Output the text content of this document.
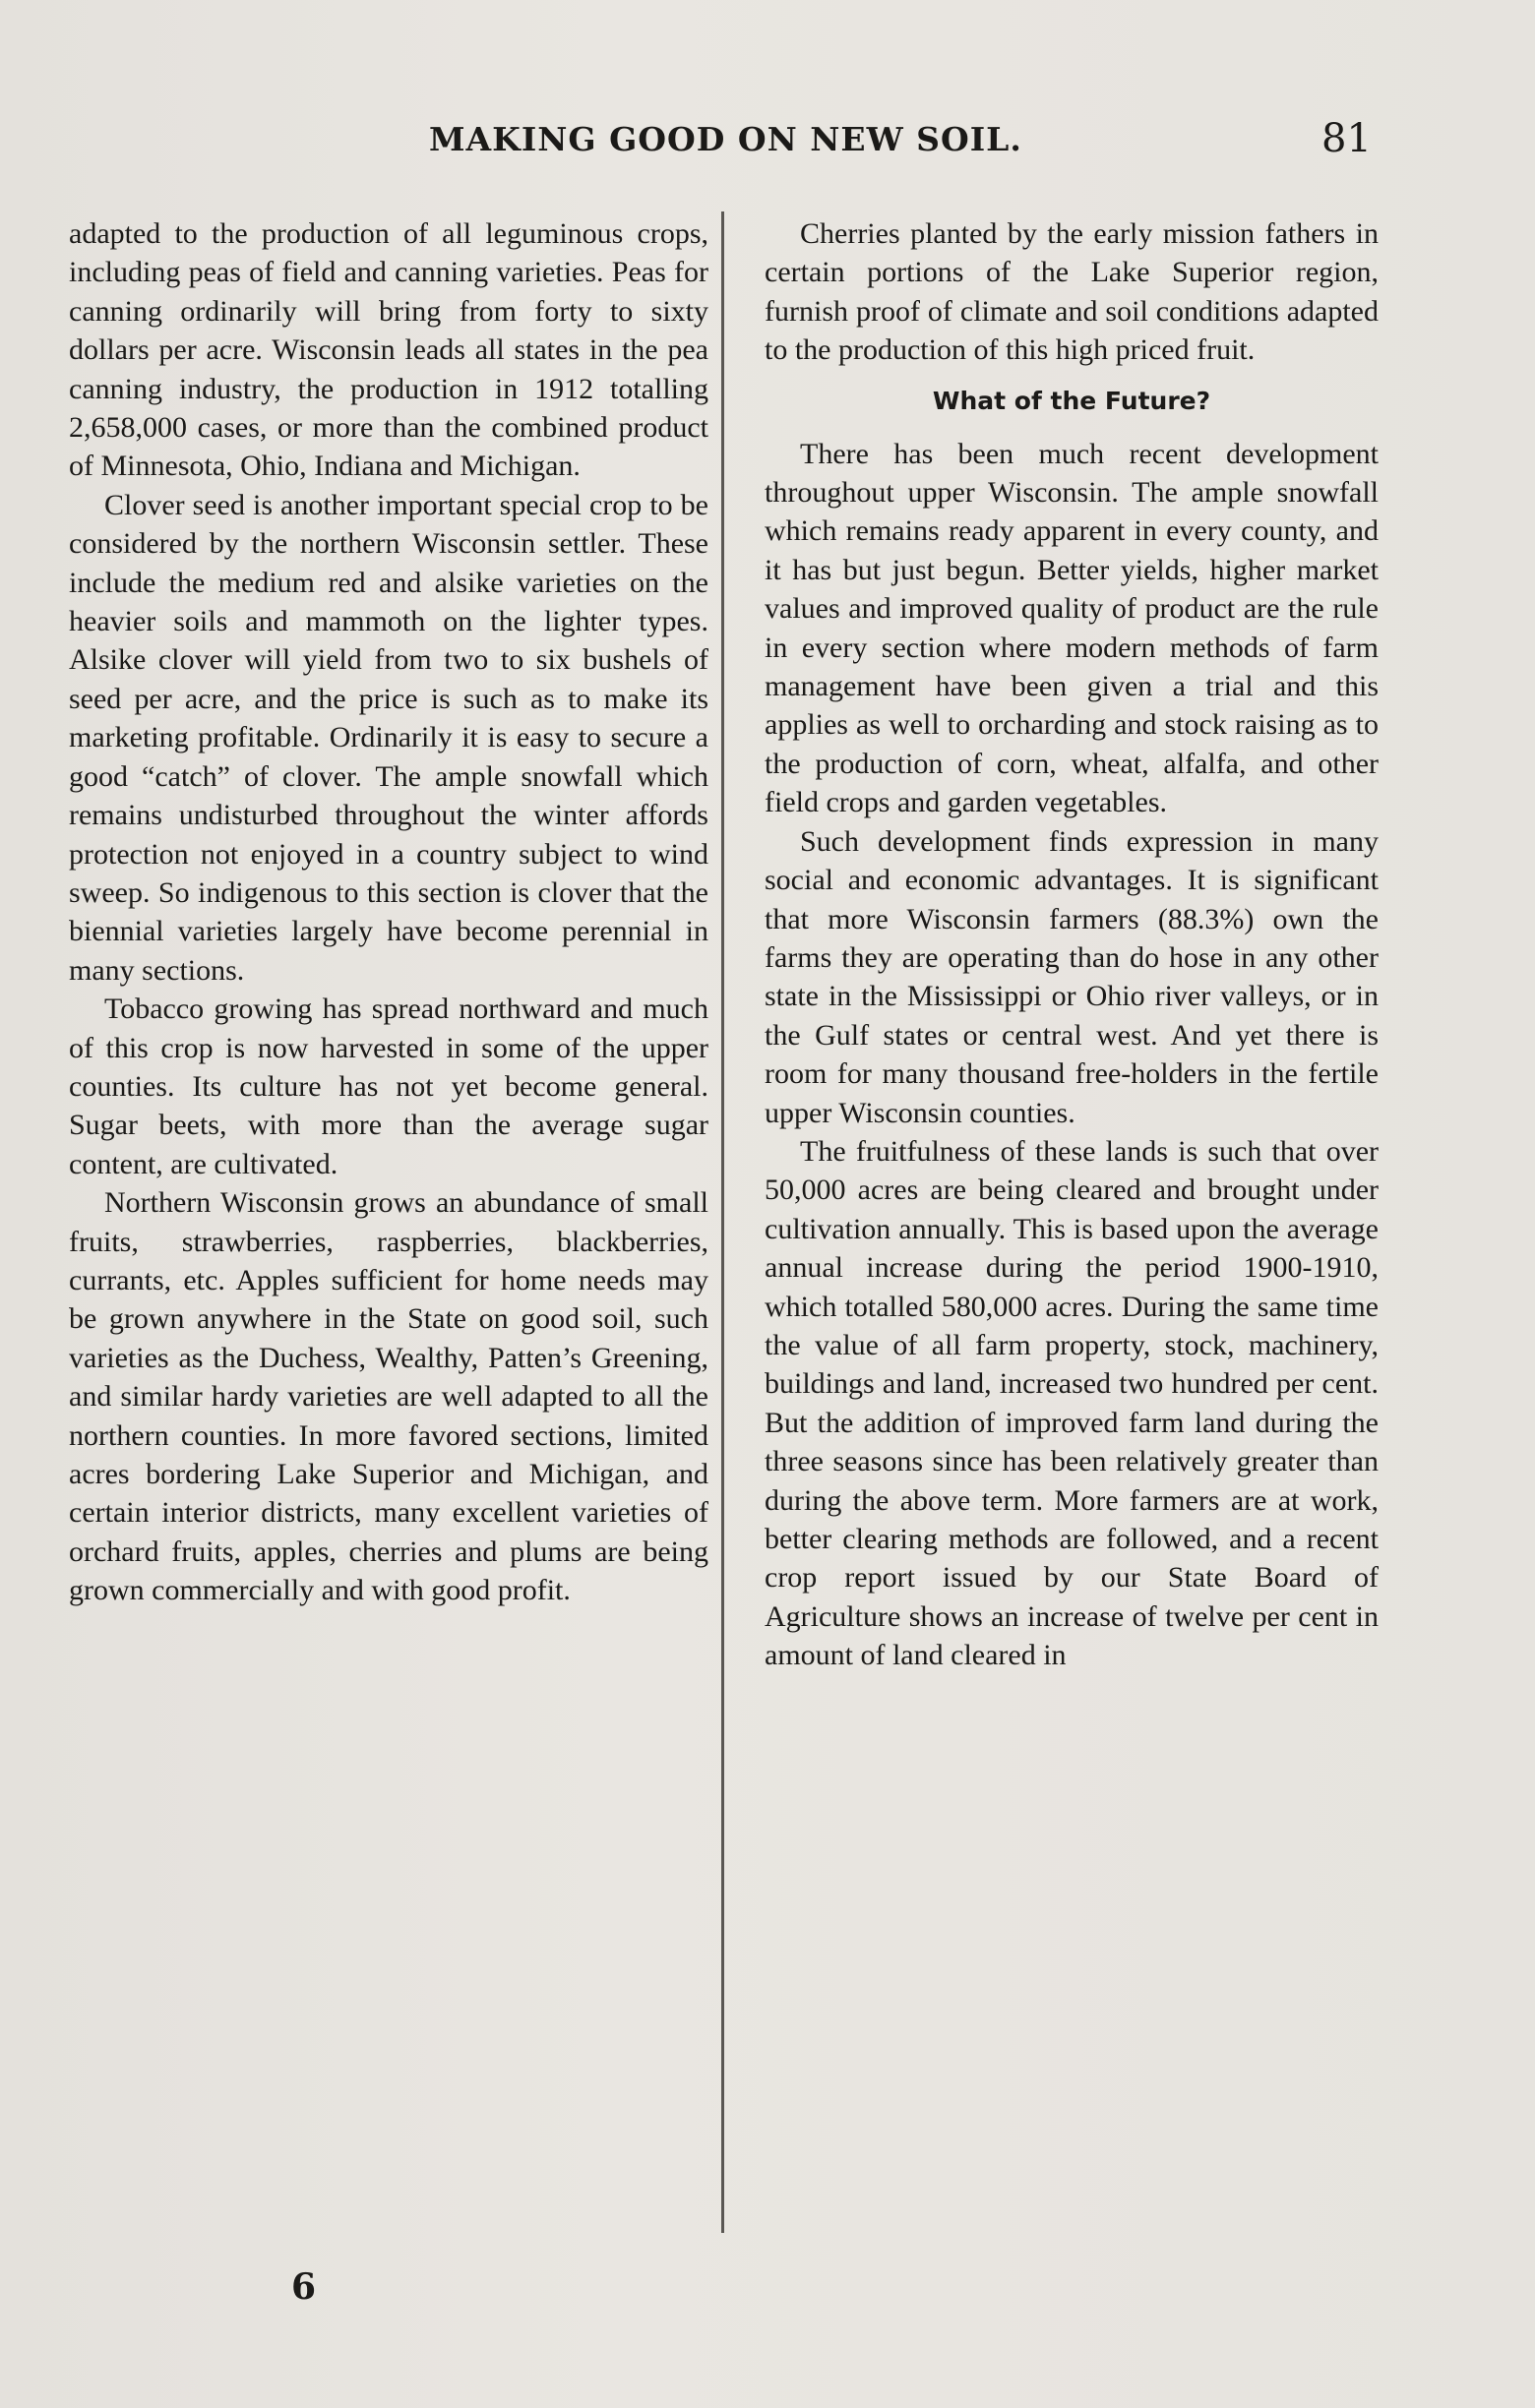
MAKING GOOD ON NEW SOIL.	81

adapted to the production of all leguminous crops, including peas of field and canning varieties. Peas for canning ordinarily will bring from forty to sixty dollars per acre. Wisconsin leads all states in the pea canning industry, the production in 1912 totalling 2,658,000 cases, or more than the combined product of Minnesota, Ohio, Indiana and Michigan.

Clover seed is another important special crop to be considered by the northern Wisconsin settler. These include the medium red and alsike varieties on the heavier soils and mammoth on the lighter types. Alsike clover will yield from two to six bushels of seed per acre, and the price is such as to make its marketing profitable. Ordinarily it is easy to secure a good “catch” of clover. The ample snowfall which remains undisturbed throughout the winter affords protection not enjoyed in a country subject to wind sweep. So indigenous to this section is clover that the biennial varieties largely have become perennial in many sections.

Tobacco growing has spread northward and much of this crop is now harvested in some of the upper counties. Its culture has not yet become general. Sugar beets, with more than the average sugar content, are cultivated.

Northern Wisconsin grows an abundance of small fruits, strawberries, raspberries, blackberries, currants, etc. Apples sufficient for home needs may be grown anywhere in the State on good soil, such varieties as the Duchess, Wealthy, Patten’s Greening, and similar hardy varieties are well adapted to all the northern counties. In more favored sections, limited acres bordering Lake Superior and Michigan, and certain interior districts, many excellent varieties of orchard fruits, apples, cherries and plums are being grown commercially and with good profit.

Cherries planted by the early mission fathers in certain portions of the Lake Superior region, furnish proof of climate and soil conditions adapted to the production of this high priced fruit.

What of the Future?

There has been much recent development throughout upper Wisconsin. The ample snowfall which remains ready apparent in every county, and it has but just begun. Better yields, higher market values and improved quality of product are the rule in every section where modern methods of farm management have been given a trial and this applies as well to orcharding and stock raising as to the production of corn, wheat, alfalfa, and other field crops and garden vegetables.

Such development finds expression in many social and economic advantages. It is significant that more Wisconsin farmers (88.3%) own the farms they are operating than do hose in any other state in the Mississippi or Ohio river valleys, or in the Gulf states or central west. And yet there is room for many thousand free-holders in the fertile upper Wisconsin counties.

The fruitfulness of these lands is such that over 50,000 acres are being cleared and brought under cultivation annually. This is based upon the average annual increase during the period 1900-1910, which totalled 580,000 acres. During the same time the value of all farm property, stock, machinery, buildings and land, increased two hundred per cent. But the addition of improved farm land during the three seasons since has been relatively greater than during the above term. More farmers are at work, better clearing methods are followed, and a recent crop report issued by our State Board of Agriculture shows an increase of twelve per cent in amount of land cleared in

6
